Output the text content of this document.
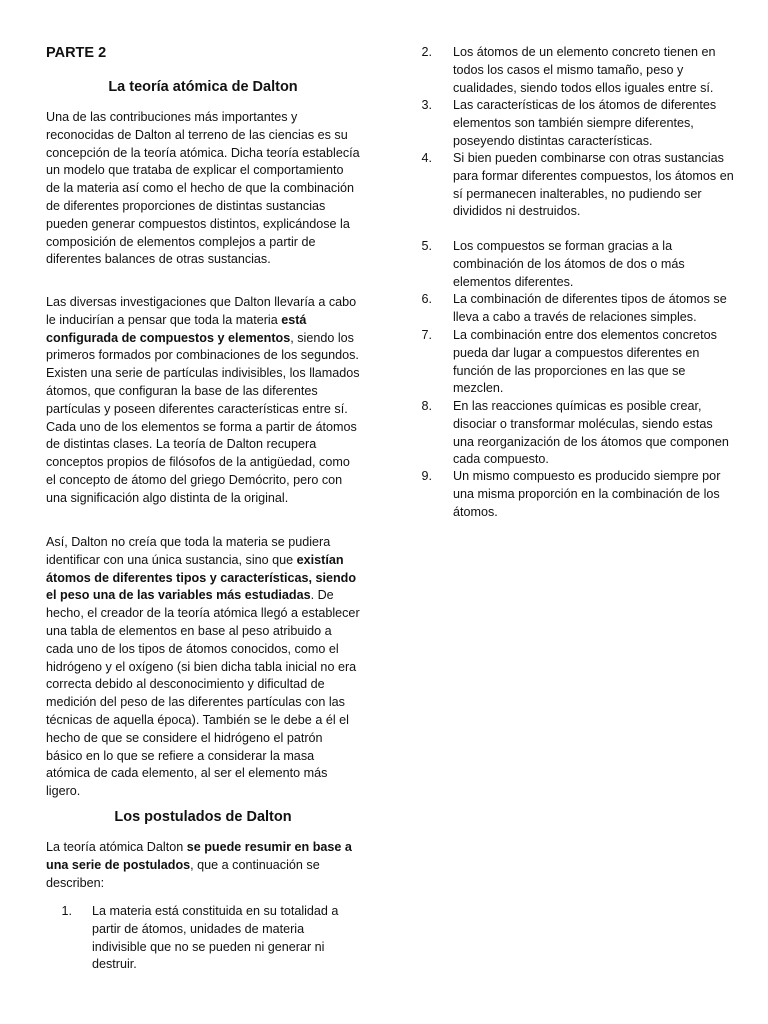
PARTE 2
La teoría atómica de Dalton

Una de las contribuciones más importantes y reconocidas de Dalton al terreno de las ciencias es su concepción de la teoría atómica. Dicha teoría establecía un modelo que trataba de explicar el comportamiento de la materia así como el hecho de que la combinación de diferentes proporciones de distintas sustancias pueden generar compuestos distintos, explicándose la composición de elementos complejos a partir de diferentes balances de otras sustancias.

Las diversas investigaciones que Dalton llevaría a cabo le inducirían a pensar que toda la materia está configurada de compuestos y elementos, siendo los primeros formados por combinaciones de los segundos. Existen una serie de partículas indivisibles, los llamados átomos, que configuran la base de las diferentes partículas y poseen diferentes características entre sí. Cada uno de los elementos se forma a partir de átomos de distintas clases. La teoría de Dalton recupera conceptos propios de filósofos de la antigüedad, como el concepto de átomo del griego Demócrito, pero con una significación algo distinta de la original.

Así, Dalton no creía que toda la materia se pudiera identificar con una única sustancia, sino que existían átomos de diferentes tipos y características, siendo el peso una de las variables más estudiadas. De hecho, el creador de la teoría atómica llegó a establecer una tabla de elementos en base al peso atribuido a cada uno de los tipos de átomos conocidos, como el hidrógeno y el oxígeno (si bien dicha tabla inicial no era correcta debido al desconocimiento y dificultad de medición del peso de las diferentes partículas con las técnicas de aquella época). También se le debe a él el hecho de que se considere el hidrógeno el patrón básico en lo que se refiere a considerar la masa atómica de cada elemento, al ser el elemento más ligero.

Los postulados de Dalton

La teoría atómica Dalton se puede resumir en base a una serie de postulados, que a continuación se describen:

1. La materia está constituida en su totalidad a partir de átomos, unidades de materia indivisible que no se pueden ni generar ni destruir.
2. Los átomos de un elemento concreto tienen en todos los casos el mismo tamaño, peso y cualidades, siendo todos ellos iguales entre sí.
3. Las características de los átomos de diferentes elementos son también siempre diferentes, poseyendo distintas características.
4. Si bien pueden combinarse con otras sustancias para formar diferentes compuestos, los átomos en sí permanecen inalterables, no pudiendo ser divididos ni destruidos.
5. Los compuestos se forman gracias a la combinación de los átomos de dos o más elementos diferentes.
6. La combinación de diferentes tipos de átomos se lleva a cabo a través de relaciones simples.
7. La combinación entre dos elementos concretos pueda dar lugar a compuestos diferentes en función de las proporciones en las que se mezclen.
8. En las reacciones químicas es posible crear, disociar o transformar moléculas, siendo estas una reorganización de los átomos que componen cada compuesto.
9. Un mismo compuesto es producido siempre por una misma proporción en la combinación de los átomos.
